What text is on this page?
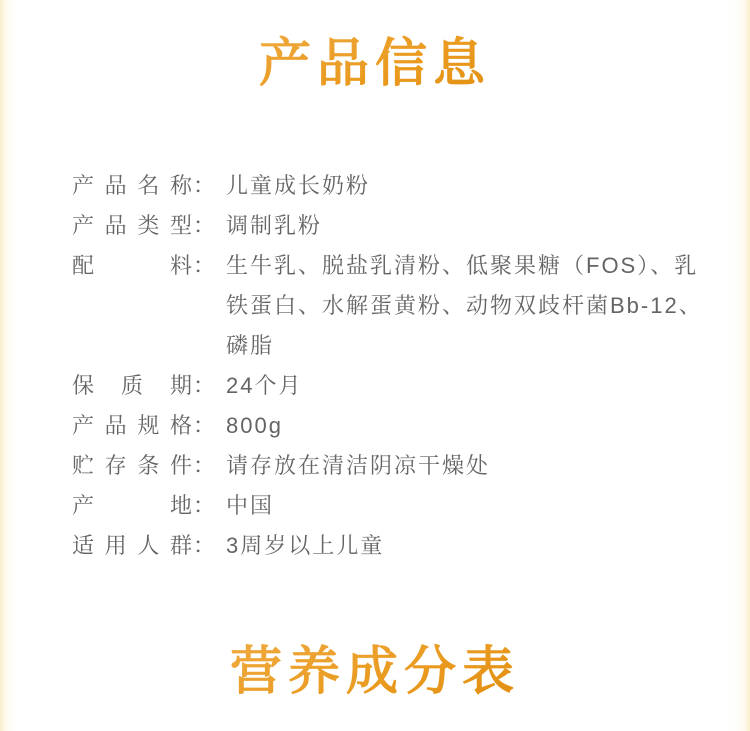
产品信息
产品名称 ： 儿童成长奶粉
产品类型 ： 调制乳粉
配料 ： 生牛乳、脱盐乳清粉、低聚果糖（FOS）、乳铁蛋白、水解蛋黄粉、动物双歧杆菌Bb-12、磷脂
保质期 ： 24个月
产品规格 ： 800g
贮存条件 ： 请存放在清洁阴凉干燥处
产地 ： 中国
适用人群 ： 3周岁以上儿童
营养成分表
